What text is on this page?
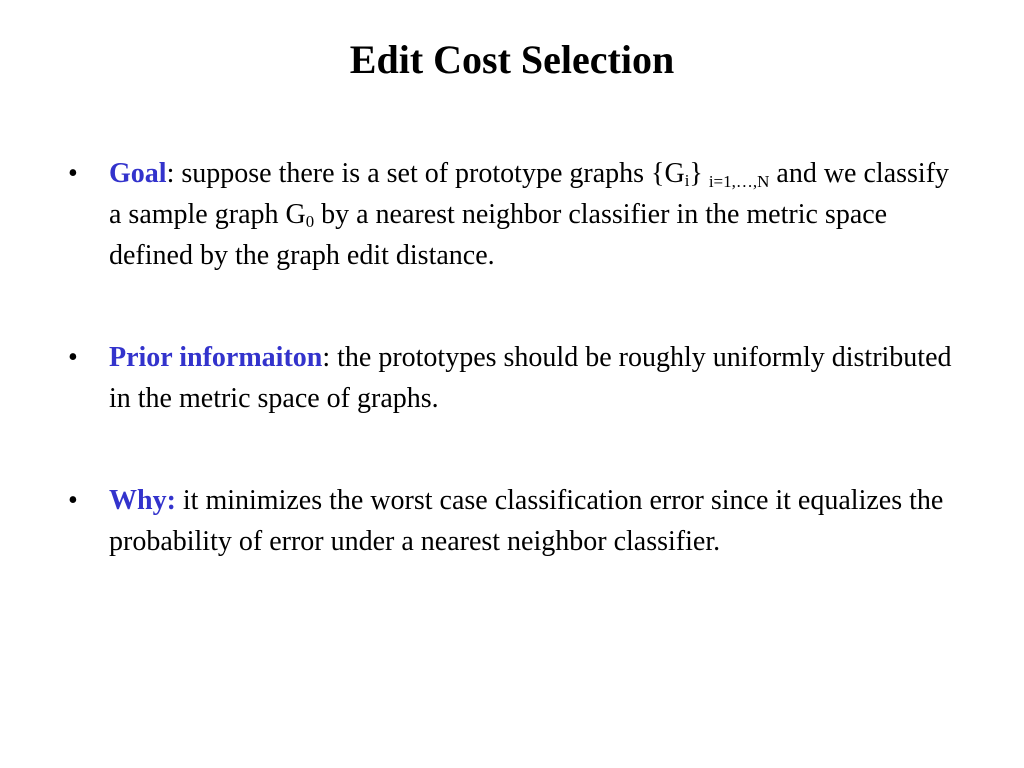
Edit Cost Selection
•	Goal: suppose there is a set of prototype graphs $\{G_i\}$ i=1,…,N and we classify a sample graph $G_0$ by a nearest neighbor classifier in the metric space defined by the graph edit distance.
•	Prior informaiton: the prototypes should be roughly uniformly distributed in the metric space of graphs.
•	Why: it minimizes the worst case classification error since it equalizes the probability of error under a nearest neighbor classifier.
